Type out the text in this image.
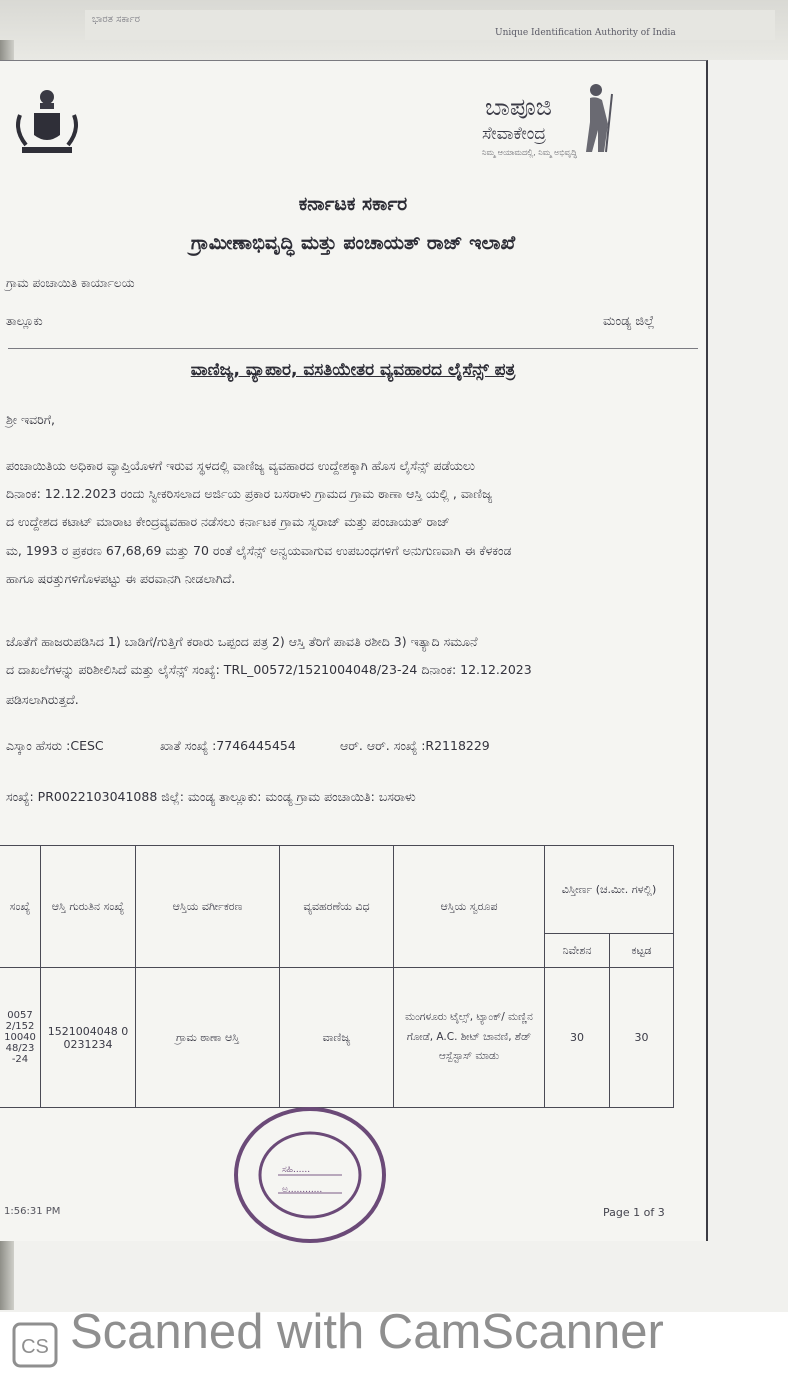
ಭಾರತ ಸರ್ಕಾರ
Unique Identification Authority of India
ಬಾಪೂಜಿ
ಸೇವಾಕೇಂದ್ರ
ನಿಮ್ಮ ಆಯಾಮದಲ್ಲಿ, ನಿಮ್ಮ ಅಭಿವೃದ್ಧಿ
ಕರ್ನಾಟಕ ಸರ್ಕಾರ
ಗ್ರಾಮೀಣಾಭಿವೃದ್ಧಿ ಮತ್ತು ಪಂಚಾಯತ್ ರಾಜ್ ಇಲಾಖೆ
ಗ್ರಾಮ ಪಂಚಾಯಿತಿ ಕಾರ್ಯಾಲಯ
ತಾಲ್ಲೂಕು	ಮಂಡ್ಯ ಜಿಲ್ಲೆ
ವಾಣಿಜ್ಯ, ವ್ಯಾಪಾರ, ವಸತಿಯೇತರ ವ್ಯವಹಾರದ ಲೈಸೆನ್ಸ್ ಪತ್ರ
ಶ್ರೀ ಇವರಿಗೆ,
ಪಂಚಾಯಿತಿಯ ಅಧಿಕಾರ ವ್ಯಾಪ್ತಿಯೊಳಗೆ ಇರುವ ಸ್ಥಳದಲ್ಲಿ ವಾಣಿಜ್ಯ ವ್ಯವಹಾರದ ಉದ್ದೇಶಕ್ಕಾಗಿ ಹೊಸ ಲೈಸೆನ್ಸ್ ಪಡೆಯಲು
ದಿನಾಂಕ: 12.12.2023 ರಂದು ಸ್ವೀಕರಿಸಲಾದ ಅರ್ಜಿಯ ಪ್ರಕಾರ ಬಸರಾಳು ಗ್ರಾಮದ ಗ್ರಾಮ ಠಾಣಾ ಆಸ್ತಿ ಯಲ್ಲಿ , ವಾಣಿಜ್ಯ
ದ ಉದ್ದೇಶದ ಕಟಾಟ್ ಮಾರಾಟ ಕೇಂದ್ರವ್ಯವಹಾರ ನಡೆಸಲು ಕರ್ನಾಟಕ ಗ್ರಾಮ ಸ್ವರಾಜ್ ಮತ್ತು ಪಂಚಾಯತ್ ರಾಜ್
ಮ, 1993 ರ ಪ್ರಕರಣ 67,68,69 ಮತ್ತು 70 ರಂತೆ ಲೈಸೆನ್ಸ್ ಅನ್ವಯವಾಗುವ ಉಪಬಂಧಗಳಿಗೆ ಅನುಗುಣವಾಗಿ ಈ ಕೆಳಕಂಡ
ಹಾಗೂ ಷರತ್ತುಗಳಿಗೊಳಪಟ್ಟು ಈ ಪರವಾನಗಿ ನೀಡಲಾಗಿದೆ.
ಜೊತೆಗೆ ಹಾಜರುಪಡಿಸಿದ 1) ಬಾಡಿಗೆ/ಗುತ್ತಿಗೆ ಕರಾರು ಒಪ್ಪಂದ ಪತ್ರ 2) ಆಸ್ತಿ ತೆರಿಗೆ ಪಾವತಿ ರಶೀದಿ 3) ಇತ್ಯಾದಿ ಸಮೂನೆ
ದ ದಾಖಲೆಗಳನ್ನು ಪರಿಶೀಲಿಸಿದೆ ಮತ್ತು ಲೈಸೆನ್ಸ್ ಸಂಖ್ಯೆ: TRL_00572/1521004048/23-24 ದಿನಾಂಕ: 12.12.2023
ಪಡಿಸಲಾಗಿರುತ್ತದೆ.
ಎಸ್ಕಾಂ ಹೆಸರು :CESC	ಖಾತೆ ಸಂಖ್ಯೆ :7746445454	ಆರ್. ಆರ್. ಸಂಖ್ಯೆ :R2118229
ಸಂಖ್ಯೆ: PR0022103041088 ಜಿಲ್ಲೆ: ಮಂಡ್ಯ ತಾಲ್ಲೂಕು: ಮಂಡ್ಯ ಗ್ರಾಮ ಪಂಚಾಯಿತಿ: ಬಸರಾಳು
ಸಂಖ್ಯೆ	ಆಸ್ತಿ ಗುರುತಿನ ಸಂಖ್ಯೆ	ಆಸ್ತಿಯ ವರ್ಗೀಕರಣ	ವ್ಯವಹರಣೆಯ ವಿಧ	ಆಸ್ತಿಯ ಸ್ವರೂಪ	ವಿಸ್ತೀರ್ಣ (ಚ.ಮೀ. ಗಳಲ್ಲಿ)	
					ನಿವೇಶನ	ಕಟ್ಟಡ
00572/1521004048/23-24	1521004048 00231234	ಗ್ರಾಮ ಠಾಣಾ ಆಸ್ತಿ	ವಾಣಿಜ್ಯ	ಮಂಗಳೂರು ಟೈಲ್ಸ್, ಟ್ಯಾಂಕ್/ ಮಣ್ಣಿನ ಗೋಡೆ, A.C. ಶೀಟ್ ಚಾವಣಿ, ಶೆಡ್ ಆಸ್ಬೆಸ್ಟಾಸ್ ಮಾಡು	30	30
ಸಹಿ......
ಅ............
1:56:31 PM	Page 1 of 3
CS Scanned with CamScanner
